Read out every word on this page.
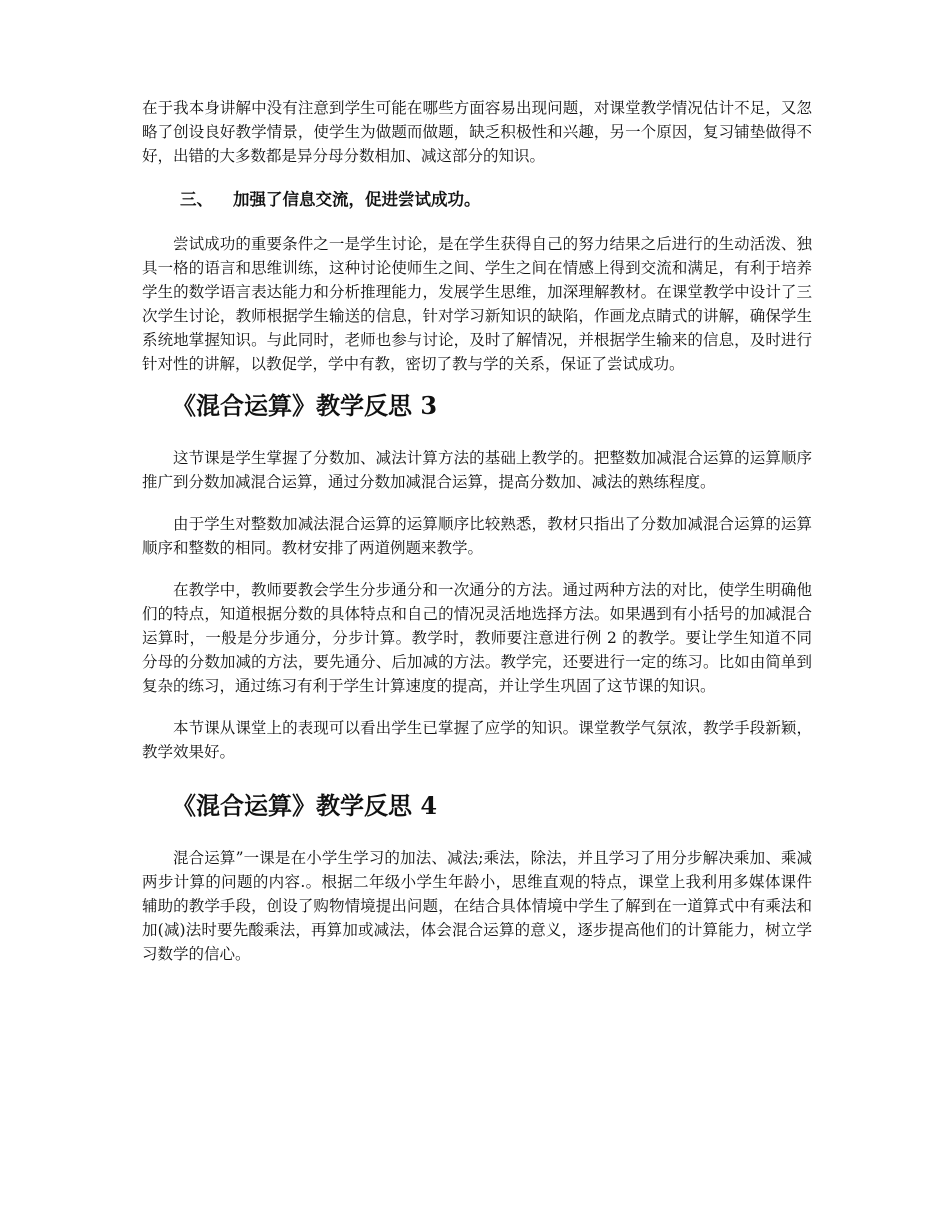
在于我本身讲解中没有注意到学生可能在哪些方面容易出现问题，对课堂教学情况估计不足，又忽略了创设良好教学情景，使学生为做题而做题，缺乏积极性和兴趣，另一个原因，复习铺垫做得不好，出错的大多数都是异分母分数相加、减这部分的知识。

三、 加强了信息交流，促进尝试成功。

尝试成功的重要条件之一是学生讨论，是在学生获得自己的努力结果之后进行的生动活泼、独具一格的语言和思维训练，这种讨论使师生之间、学生之间在情感上得到交流和满足，有利于培养学生的数学语言表达能力和分析推理能力，发展学生思维，加深理解教材。在课堂教学中设计了三次学生讨论，教师根据学生输送的信息，针对学习新知识的缺陷，作画龙点睛式的讲解，确保学生系统地掌握知识。与此同时，老师也参与讨论，及时了解情况，并根据学生输来的信息，及时进行针对性的讲解，以教促学，学中有教，密切了教与学的关系，保证了尝试成功。

《混合运算》教学反思 3

这节课是学生掌握了分数加、减法计算方法的基础上教学的。把整数加减混合运算的运算顺序推广到分数加减混合运算，通过分数加减混合运算，提高分数加、减法的熟练程度。

由于学生对整数加减法混合运算的运算顺序比较熟悉，教材只指出了分数加减混合运算的运算顺序和整数的相同。教材安排了两道例题来教学。

在教学中，教师要教会学生分步通分和一次通分的方法。通过两种方法的对比，使学生明确他们的特点，知道根据分数的具体特点和自己的情况灵活地选择方法。如果遇到有小括号的加减混合运算时，一般是分步通分，分步计算。教学时，教师要注意进行例 2 的教学。要让学生知道不同分母的分数加减的方法，要先通分、后加减的方法。教学完，还要进行一定的练习。比如由简单到复杂的练习，通过练习有利于学生计算速度的提高，并让学生巩固了这节课的知识。

本节课从课堂上的表现可以看出学生已掌握了应学的知识。课堂教学气氛浓，教学手段新颖，教学效果好。

《混合运算》教学反思 4

混合运算”一课是在小学生学习的加法、减法;乘法，除法，并且学习了用分步解决乘加、乘减两步计算的问题的内容.。根据二年级小学生年龄小，思维直观的特点，课堂上我利用多媒体课件辅助的教学手段，创设了购物情境提出问题，在结合具体情境中学生了解到在一道算式中有乘法和加(减)法时要先酸乘法，再算加或减法，体会混合运算的意义，逐步提高他们的计算能力，树立学习数学的信心。
